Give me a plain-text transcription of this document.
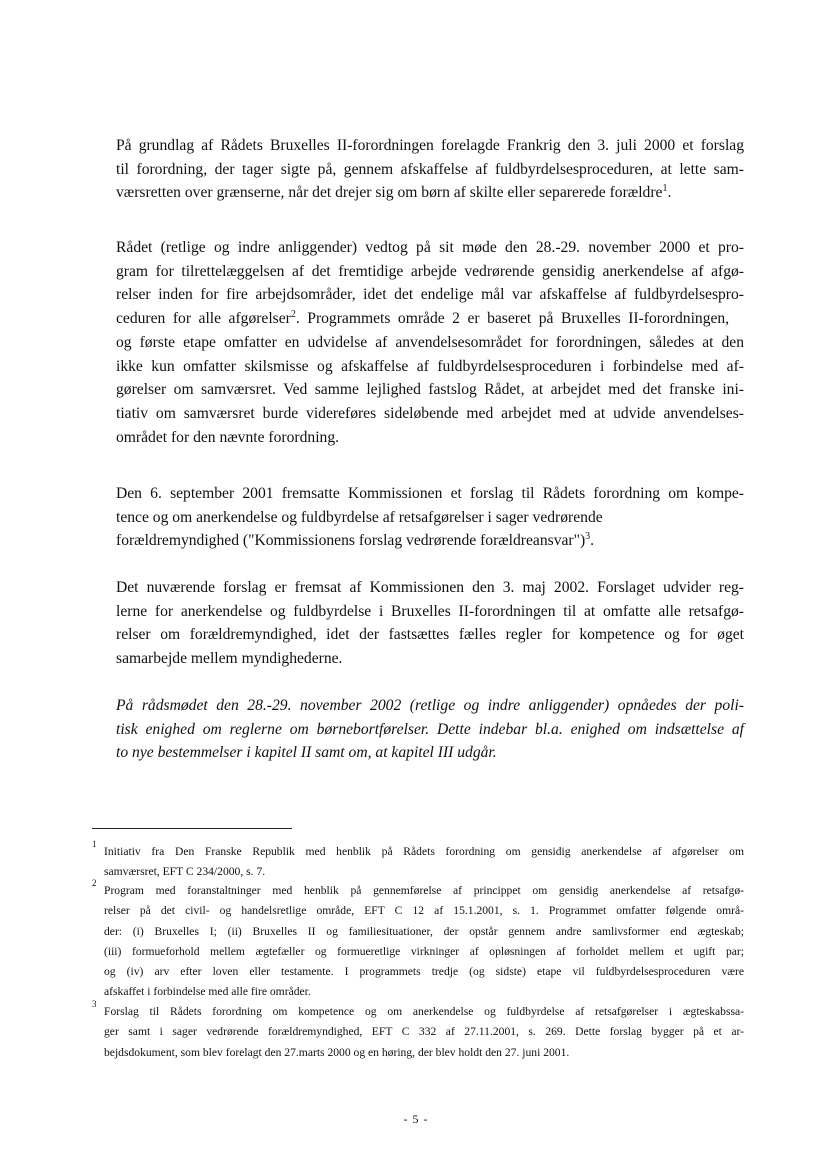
På grundlag af Rådets Bruxelles II-forordningen forelagde Frankrig den 3. juli 2000 et forslag
til forordning, der tager sigte på, gennem afskaffelse af fuldbyrdelsesproceduren, at lette sam-
værsretten over grænserne, når det drejer sig om børn af skilte eller separerede forældre$^1$.
Rådet (retlige og indre anliggender) vedtog på sit møde den 28.-29. november 2000 et pro-
gram for tilrettelæggelsen af det fremtidige arbejde vedrørende gensidig anerkendelse af afgø-
relser inden for fire arbejdsområder, idet det endelige mål var afskaffelse af fuldbyrdelsespro-
ceduren for alle afgørelser$^2$. Programmets område 2 er baseret på Bruxelles II-forordningen,
og første etape omfatter en udvidelse af anvendelsesområdet for forordningen, således at den
ikke kun omfatter skilsmisse og afskaffelse af fuldbyrdelsesproceduren i forbindelse med af-
gørelser om samværsret. Ved samme lejlighed fastslog Rådet, at arbejdet med det franske ini-
tiativ om samværsret burde videreføres sideløbende med arbejdet med at udvide anvendelses-
området for den nævnte forordning.
Den 6. september 2001 fremsatte Kommissionen et forslag til Rådets forordning om kompe-
tence og om anerkendelse og fuldbyrdelse af retsafgørelser i sager vedrørende
forældremyndighed ("Kommissionens forslag vedrørende forældreansvar")$^3$.
Det nuværende forslag er fremsat af Kommissionen den 3. maj 2002. Forslaget udvider reg-
lerne for anerkendelse og fuldbyrdelse i Bruxelles II-forordningen til at omfatte alle retsafgø-
relser om forældremyndighed, idet der fastsættes fælles regler for kompetence og for øget
samarbejde mellem myndighederne.
På rådsmødet den 28.-29. november 2002 (retlige og indre anliggender) opnåedes der poli-
tisk enighed om reglerne om børnebortførelser. Dette indebar bl.a. enighed om indsættelse af
to nye bestemmelser i kapitel II samt om, at kapitel III udgår.
1
Initiativ fra Den Franske Republik med henblik på Rådets forordning om gensidig anerkendelse af afgørelser om
samværsret, EFT C 234/2000, s. 7.
2
Program med foranstaltninger med henblik på gennemførelse af princippet om gensidig anerkendelse af retsafgø-
relser på det civil- og handelsretlige område, EFT C 12 af 15.1.2001, s. 1. Programmet omfatter følgende områ-
der: (i) Bruxelles I; (ii) Bruxelles II og familiesituationer, der opstår gennem andre samlivsformer end ægteskab;
(iii) formueforhold mellem ægtefæller og formueretlige virkninger af opløsningen af forholdet mellem et ugift par;
og (iv) arv efter loven eller testamente. I programmets tredje (og sidste) etape vil fuldbyrdelsesproceduren være
afskaffet i forbindelse med alle fire områder.
3
Forslag til Rådets forordning om kompetence og om anerkendelse og fuldbyrdelse af retsafgørelser i ægteskabssa-
ger samt i sager vedrørende forældremyndighed, EFT C 332 af 27.11.2001, s. 269. Dette forslag bygger på et ar-
bejdsdokument, som blev forelagt den 27.marts 2000 og en høring, der blev holdt den 27. juni 2001.
- 5 -
